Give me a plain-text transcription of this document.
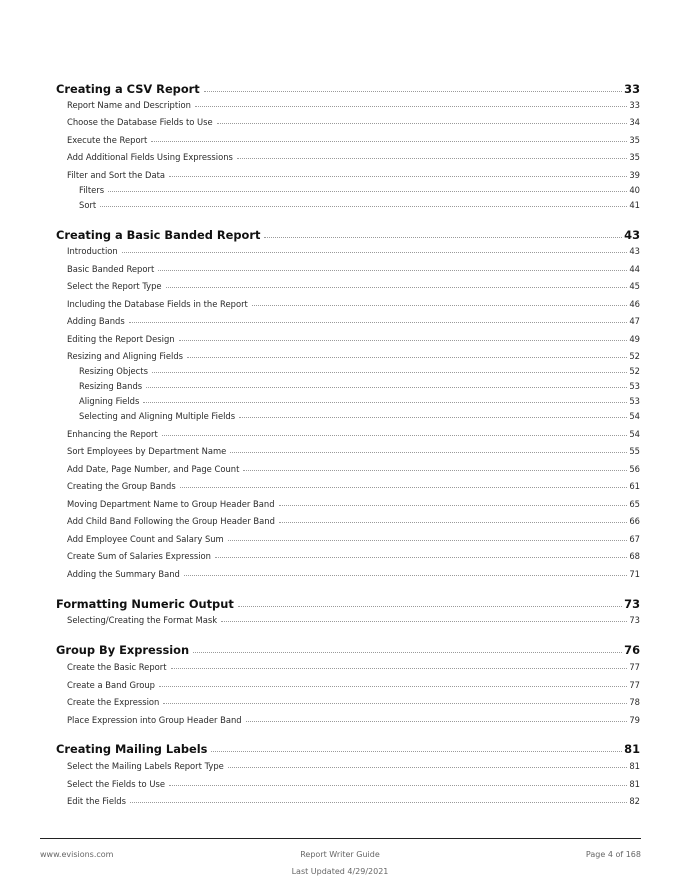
Creating a CSV Report	33
Report Name and Description	33
Choose the Database Fields to Use	34
Execute the Report	35
Add Additional Fields Using Expressions	35
Filter and Sort the Data	39
Filters	40
Sort	41
Creating a Basic Banded Report	43
Introduction	43
Basic Banded Report	44
Select the Report Type	45
Including the Database Fields in the Report	46
Adding Bands	47
Editing the Report Design	49
Resizing and Aligning Fields	52
Resizing Objects	52
Resizing Bands	53
Aligning Fields	53
Selecting and Aligning Multiple Fields	54
Enhancing the Report	54
Sort Employees by Department Name	55
Add Date, Page Number, and Page Count	56
Creating the Group Bands	61
Moving Department Name to Group Header Band	65
Add Child Band Following the Group Header Band	66
Add Employee Count and Salary Sum	67
Create Sum of Salaries Expression	68
Adding the Summary Band	71
Formatting Numeric Output	73
Selecting/Creating the Format Mask	73
Group By Expression	76
Create the Basic Report	77
Create a Band Group	77
Create the Expression	78
Place Expression into Group Header Band	79
Creating Mailing Labels	81
Select the Mailing Labels Report Type	81
Select the Fields to Use	81
Edit the Fields	82
www.evisions.com	Report Writer Guide	Page 4 of 168
Last Updated 4/29/2021
